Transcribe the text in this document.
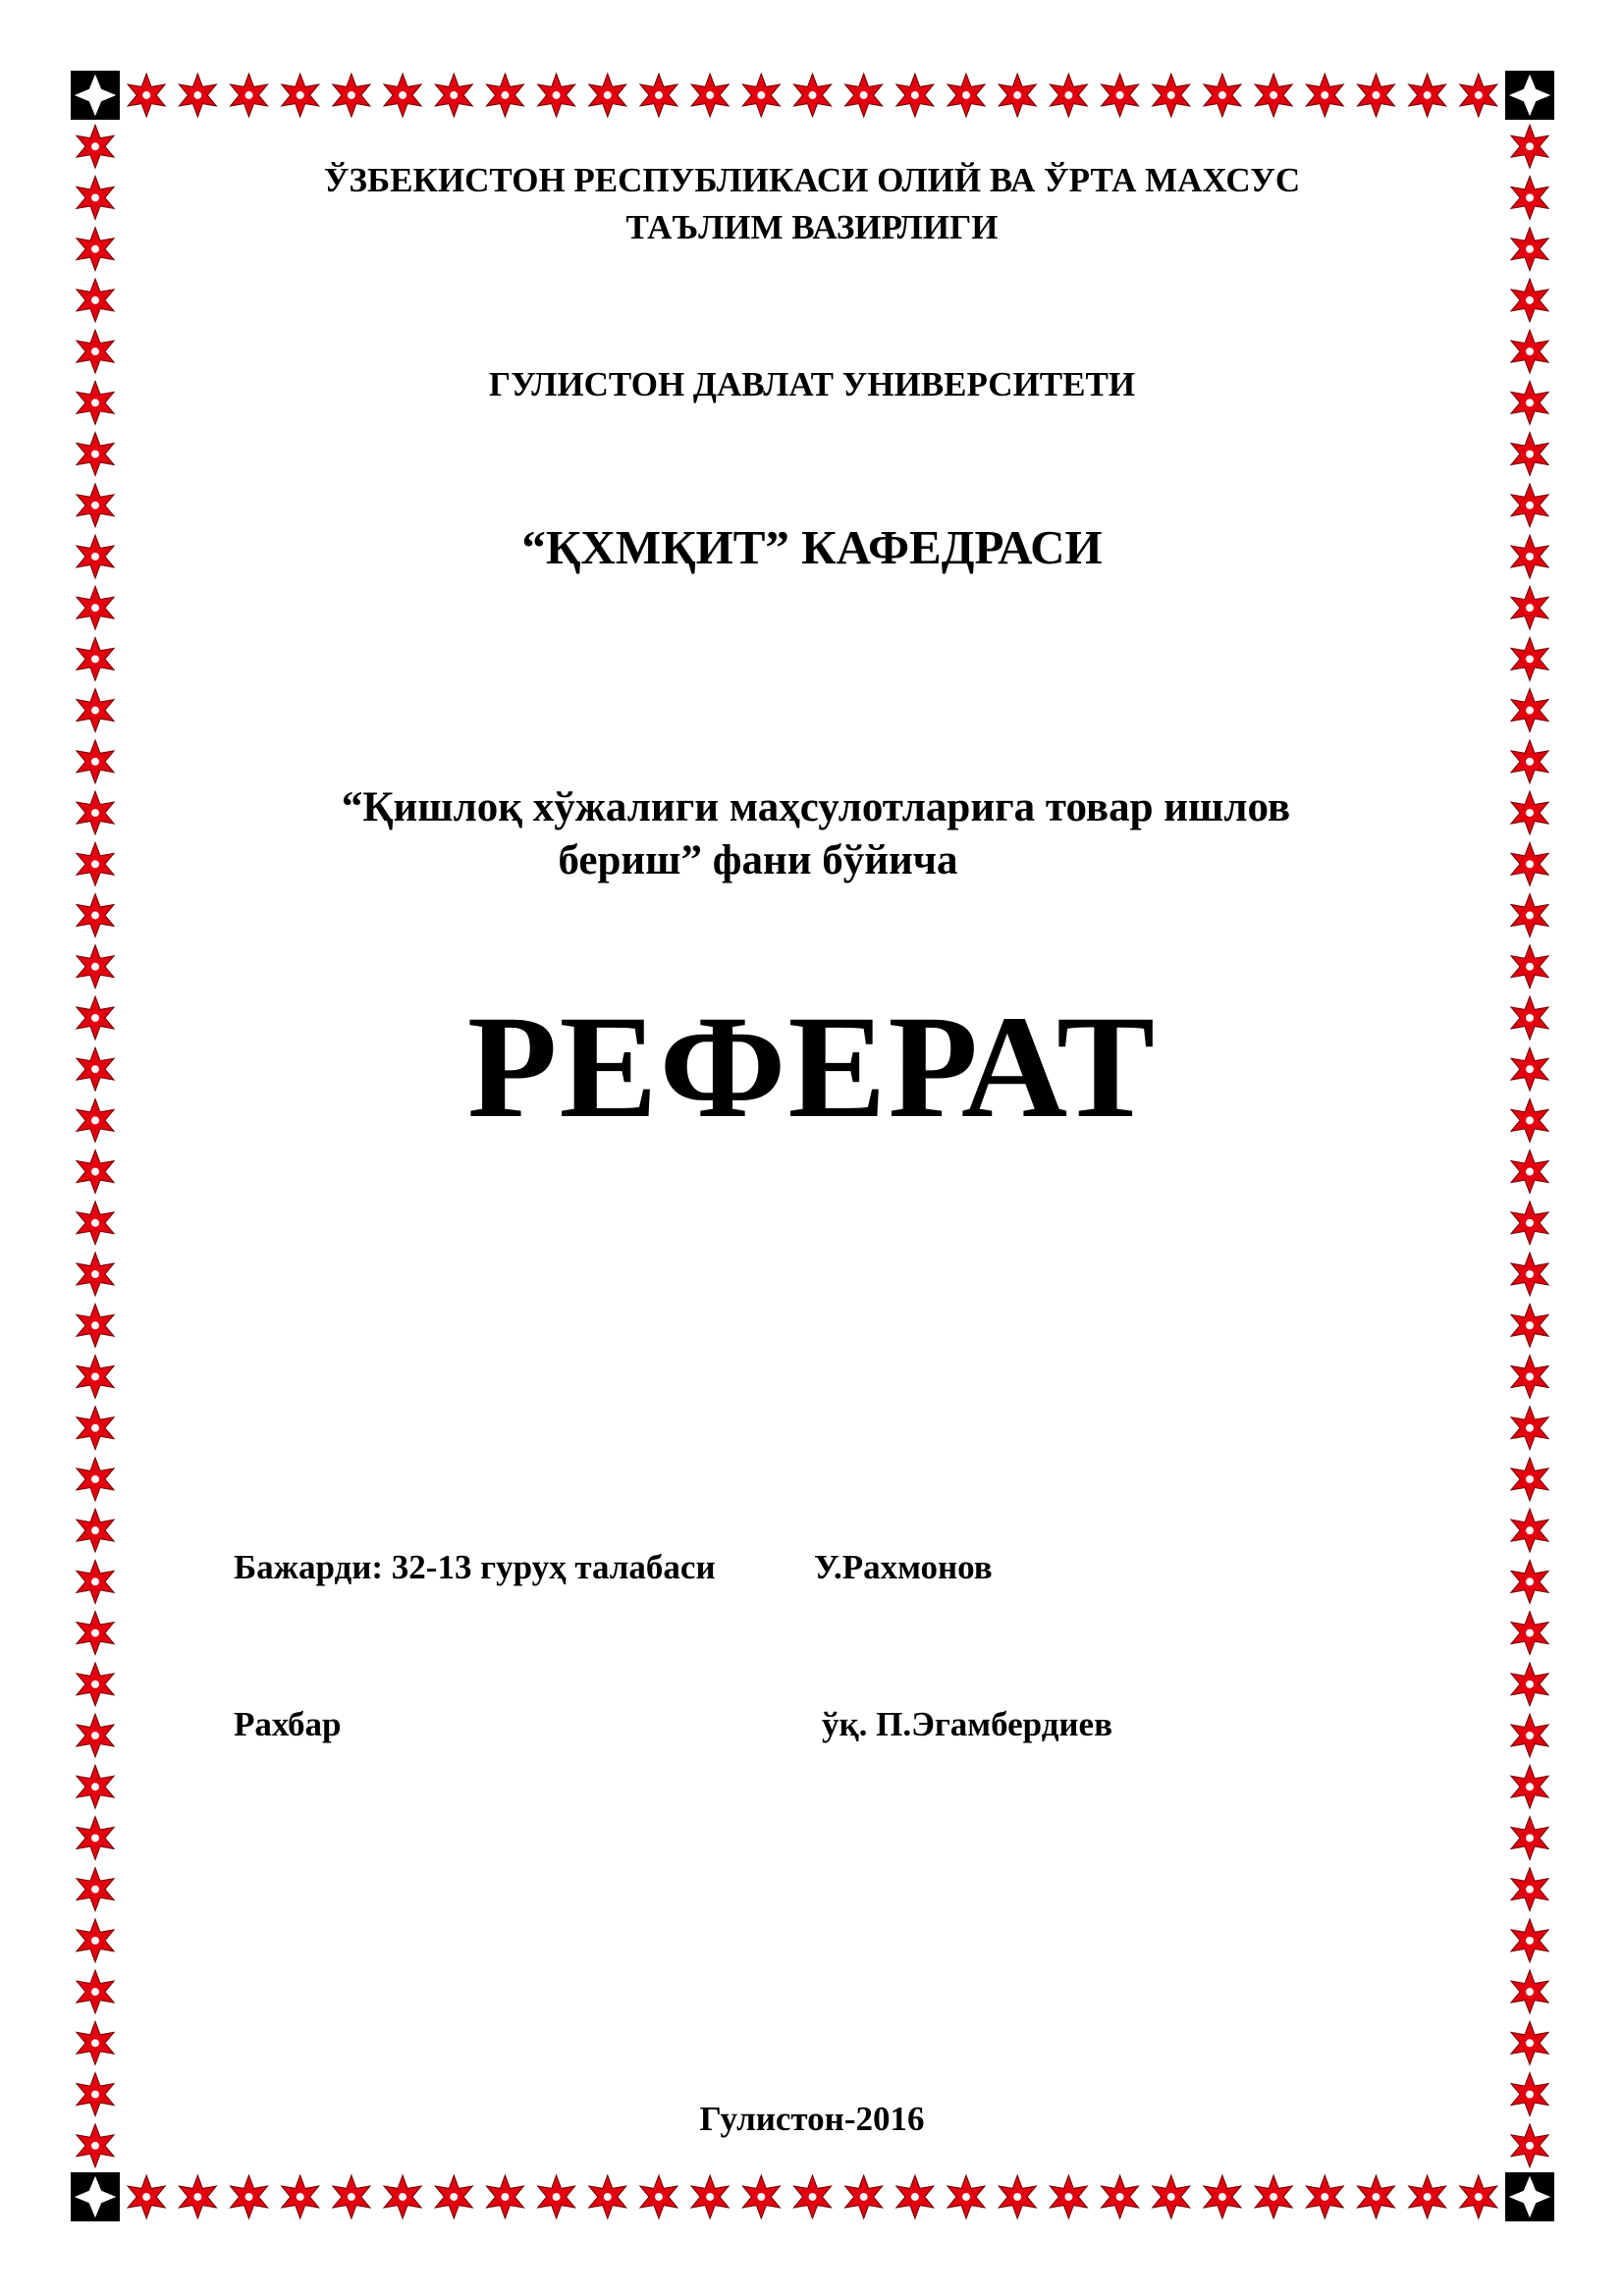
ЎЗБЕКИСТОН РЕСПУБЛИКАСИ ОЛИЙ ВА ЎРТА МАХСУС
ТАЪЛИМ ВАЗИРЛИГИ
ГУЛИСТОН ДАВЛАТ УНИВЕРСИТЕТИ
“ҚХМҚИТ” КАФЕДРАСИ
“Қишлоқ хўжалиги маҳсулотларига товар ишлов
бериш” фани бўйича
РЕФЕРАТ
Бажарди: 32-13 гуруҳ талабаси	У.Рахмонов
Рахбар	ўқ. П.Эгамбердиев
Гулистон-2016
